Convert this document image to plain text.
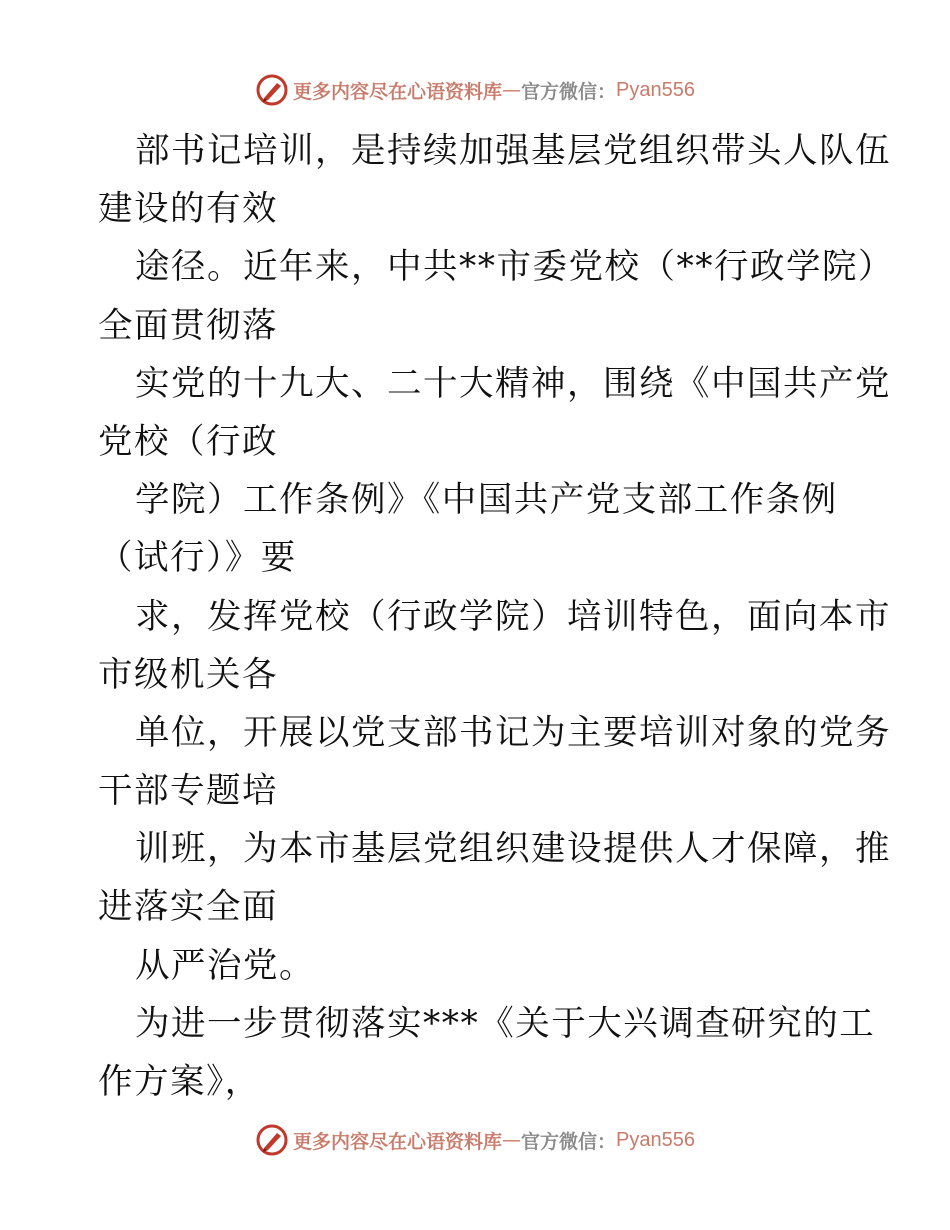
更多内容尽在心语资料库 — 官方微信： Pyan556
部书记培训，是持续加强基层党组织带头人队伍
建设的有效
途径。近年来，中共**市委党校（**行政学院）
全面贯彻落
实党的十九大、二十大精神，围绕《中国共产党
党校（行政
学院）工作条例》《中国共产党支部工作条例
（试行）》要
求，发挥党校（行政学院）培训特色，面向本市
市级机关各
单位，开展以党支部书记为主要培训对象的党务
干部专题培
训班，为本市基层党组织建设提供人才保障，推
进落实全面
从严治党。
为进一步贯彻落实***《关于大兴调查研究的工
作方案》，
更多内容尽在心语资料库 — 官方微信： Pyan556
